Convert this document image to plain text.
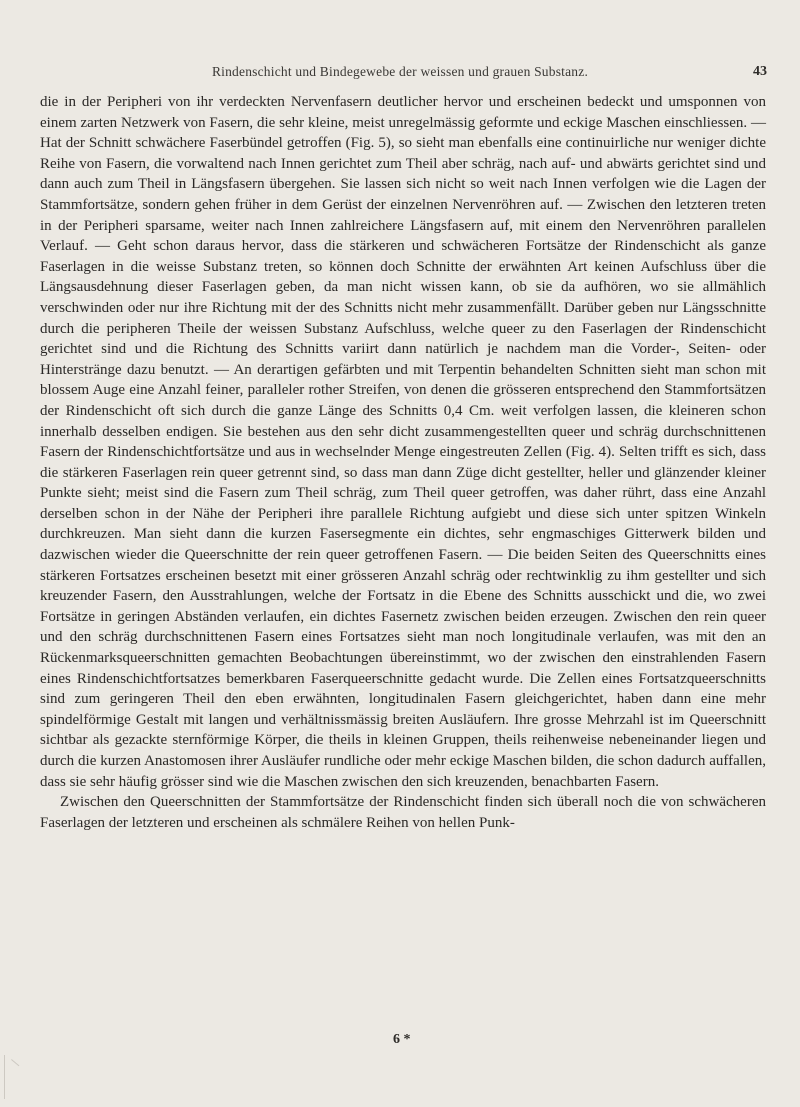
Rindenschicht und Bindegewebe der weissen und grauen Substanz.	43

die in der Peripheri von ihr verdeckten Nervenfasern deutlicher hervor und erscheinen bedeckt und umsponnen von einem zarten Netzwerk von Fasern, die sehr kleine, meist unregelmässig geformte und eckige Maschen einschliessen. — Hat der Schnitt schwächere Faserbündel getroffen (Fig. 5), so sieht man ebenfalls eine continuirliche nur weniger dichte Reihe von Fasern, die vorwaltend nach Innen gerichtet zum Theil aber schräg, nach auf- und abwärts gerichtet sind und dann auch zum Theil in Längsfasern übergehen. Sie lassen sich nicht so weit nach Innen verfolgen wie die Lagen der Stammfortsätze, sondern gehen früher in dem Gerüst der einzelnen Nervenröhren auf. — Zwischen den letzteren treten in der Peripheri sparsame, weiter nach Innen zahlreichere Längsfasern auf, mit einem den Nervenröhren parallelen Verlauf. — Geht schon daraus hervor, dass die stärkeren und schwächeren Fortsätze der Rindenschicht als ganze Faserlagen in die weisse Substanz treten, so können doch Schnitte der erwähnten Art keinen Aufschluss über die Längsausdehnung dieser Faserlagen geben, da man nicht wissen kann, ob sie da aufhören, wo sie allmählich verschwinden oder nur ihre Richtung mit der des Schnitts nicht mehr zusammenfällt. Darüber geben nur Längsschnitte durch die peripheren Theile der weissen Substanz Aufschluss, welche queer zu den Faserlagen der Rindenschicht gerichtet sind und die Richtung des Schnitts variirt dann natürlich je nachdem man die Vorder-, Seiten- oder Hinterstränge dazu benutzt. — An derartigen gefärbten und mit Terpentin behandelten Schnitten sieht man schon mit blossem Auge eine Anzahl feiner, paralleler rother Streifen, von denen die grösseren entsprechend den Stammfortsätzen der Rindenschicht oft sich durch die ganze Länge des Schnitts 0,4 Cm. weit verfolgen lassen, die kleineren schon innerhalb desselben endigen. Sie bestehen aus den sehr dicht zusammengestellten queer und schräg durchschnittenen Fasern der Rindenschichtfortsätze und aus in wechselnder Menge eingestreuten Zellen (Fig. 4). Selten trifft es sich, dass die stärkeren Faserlagen rein queer getrennt sind, so dass man dann Züge dicht gestellter, heller und glänzender kleiner Punkte sieht; meist sind die Fasern zum Theil schräg, zum Theil queer getroffen, was daher rührt, dass eine Anzahl derselben schon in der Nähe der Peripheri ihre parallele Richtung aufgiebt und diese sich unter spitzen Winkeln durchkreuzen. Man sieht dann die kurzen Fasersegmente ein dichtes, sehr engmaschiges Gitterwerk bilden und dazwischen wieder die Queerschnitte der rein queer getroffenen Fasern. — Die beiden Seiten des Queerschnitts eines stärkeren Fortsatzes erscheinen besetzt mit einer grösseren Anzahl schräg oder rechtwinklig zu ihm gestellter und sich kreuzender Fasern, den Ausstrahlungen, welche der Fortsatz in die Ebene des Schnitts ausschickt und die, wo zwei Fortsätze in geringen Abständen verlaufen, ein dichtes Fasernetz zwischen beiden erzeugen. Zwischen den rein queer und den schräg durchschnittenen Fasern eines Fortsatzes sieht man noch longitudinale verlaufen, was mit den an Rückenmarksqueerschnitten gemachten Beobachtungen übereinstimmt, wo der zwischen den einstrahlenden Fasern eines Rindenschichtfortsatzes bemerkbaren Faserqueerschnitte gedacht wurde. Die Zellen eines Fortsatzqueerschnitts sind zum geringeren Theil den eben erwähnten, longitudinalen Fasern gleichgerichtet, haben dann eine mehr spindelförmige Gestalt mit langen und verhältnissmässig breiten Ausläufern. Ihre grosse Mehrzahl ist im Queerschnitt sichtbar als gezackte sternförmige Körper, die theils in kleinen Gruppen, theils reihenweise nebeneinander liegen und durch die kurzen Anastomosen ihrer Ausläufer rundliche oder mehr eckige Maschen bilden, die schon dadurch auffallen, dass sie sehr häufig grösser sind wie die Maschen zwischen den sich kreuzenden, benachbarten Fasern.

Zwischen den Queerschnitten der Stammfortsätze der Rindenschicht finden sich überall noch die von schwächeren Faserlagen der letzteren und erscheinen als schmälere Reihen von hellen Punk-

6 *
